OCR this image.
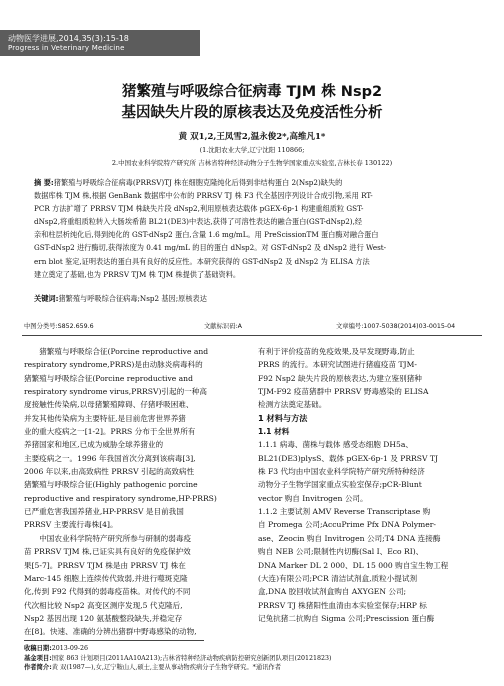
动物医学进展,2014,35(3):15-18
Progress in Veterinary Medicine
猪繁殖与呼吸综合征病毒 TJM 株 Nsp2
基因缺失片段的原核表达及免疫活性分析
黄 双1,2,王凤雪2,温永俊2*,高维凡1*
(1.沈阳农业大学,辽宁沈阳 110866;
2.中国农业科学院特产研究所 吉林省特种经济动物分子生物学国家重点实验室,吉林长春 130122)
摘 要:猪繁殖与呼吸综合征病毒(PRRSV)TJ 株在细胞克隆纯化后得到非结构蛋白 2(Nsp2)缺失的
数据库株 TJM 株,根据 GenBank 数据库中公布的 PRRSV TJ 株 F3 代全基因序列设计合成引物,采用 RT-
PCR 方法扩增了 PRRSV TJM 株缺失片段 dNsp2,利用原核表达载体 pGEX-6p-1 构建重组质粒 GST-
dNsp2,将重组质粒转入大肠埃希菌 BL21(DE3)中表达,获得了可溶性表达的融合蛋白(GST-dNsp2),经
亲和柱层析纯化后,得到纯化的 GST-dNsp2 蛋白,含量 1.6 mg/mL。用 PreScissionTM 蛋白酶对融合蛋白
GST-dNsp2 进行酶切,获得浓度为 0.41 mg/mL 的目的蛋白 dNsp2。对 GST-dNsp2 及 dNsp2 进行 West-
ern blot 鉴定,证明表达的蛋白具有良好的反应性。本研究获得的 GST-dNsp2 及 dNsp2 为 ELISA 方法
建立奠定了基础,也为 PRRSV TJM 株 TJM 株提供了基础资料。
关键词:猪繁殖与呼吸综合征病毒;Nsp2 基因;原核表达
中图分类号:S852.659.6	文献标识码:A	文章编号:1007-5038(2014)03-0015-04
猪繁殖与呼吸综合征(Porcine reproductive and
respiratory syndrome,PRRS)是由动脉炎病毒科的
猪繁殖与呼吸综合征(Porcine reproductive and
respiratory syndrome virus,PRRSV)引起的一种高
度接触性传染病,以母猪繁殖障碍、仔猪呼吸困难、
并发其他传染病为主要特征,是目前危害世界养猪
业的重大疫病之一[1-2]。PRRS 分布于全世界所有
养猪国家和地区,已成为威胁全球养猪业的
主要疫病之一。1996 年我国首次分离到该病毒[3],
2006 年以来,由高致病性 PRRSV 引起的高致病性
猪繁殖与呼吸综合征(Highly pathogenic porcine
reproductive and respiratory syndrome,HP-PRRS)
已严重危害我国养猪业,HP-PRRSV 是目前我国
PRRSV 主要流行毒株[4]。
中国农业科学院特产研究所参与研制的弱毒疫
苗 PRRSV TJM 株,已证实具有良好的免疫保护效
果[5-7]。PRRSV TJM 株是由 PRRSV TJ 株在
Marc-145 细胞上连续传代致弱,并进行噬斑克隆
化,传到 F92 代得到的弱毒疫苗株。对传代的不同
代次相比较 Nsp2 高变区测序发现,5 代克隆后,
Nsp2 基因出现 120 氨基酸整段缺失,并稳定存
在[8]。快速、准确的分辨出猪群中野毒感染的动物,
有利于评价疫苗的免疫效果,及早发现野毒,防止
PRRS 的流行。本研究试图进行猪瘟疫苗 TJM-
F92 Nsp2 缺失片段的原核表达,为建立鉴别猪种
TJM-F92 疫苗猪群中 PRRSV 野毒感染的 ELISA
检测方法奠定基础。
1 材料与方法
1.1 材料
1.1.1 病毒、菌株与载体 感受态细胞 DH5a、
BL21(DE3)plysS、载体 pGEX-6p-1 及 PRRSV TJ
株 F3 代均由中国农业科学院特产研究所特种经济
动物分子生物学国家重点实验室保存;pCR-Blunt
vector 购自 Invitrogen 公司。
1.1.2 主要试剂 AMV Reverse Transcriptase 购
自 Promega 公司;AccuPrime Pfx DNA Polymer-
ase、Zeocin 购自 Invitrogen 公司;T4 DNA 连接酶
购自 NEB 公司;限制性内切酶(Sal Ⅰ、Eco RⅠ)、
DNA Marker DL 2 000、DL 15 000 购自宝生物工程
(大连)有限公司;PCR 清洁试剂盒,质粒小提试剂
盒,DNA 胶回收试剂盒购自 AXYGEN 公司;
PRRSV TJ 株猪阳性血清由本实验室保存;HRP 标
记兔抗猪二抗购自 Sigma 公司;Prescission 蛋白酶
收稿日期:2013-09-26
基金项目:国家 863 计划项目(2011AA10A213);吉林省特种经济动物疾病防控研究创新团队项目(20121823)
作者简介:黄 双(1987—),女,辽宁鞍山人,硕士,主要从事动物疾病分子生物学研究。*通讯作者
